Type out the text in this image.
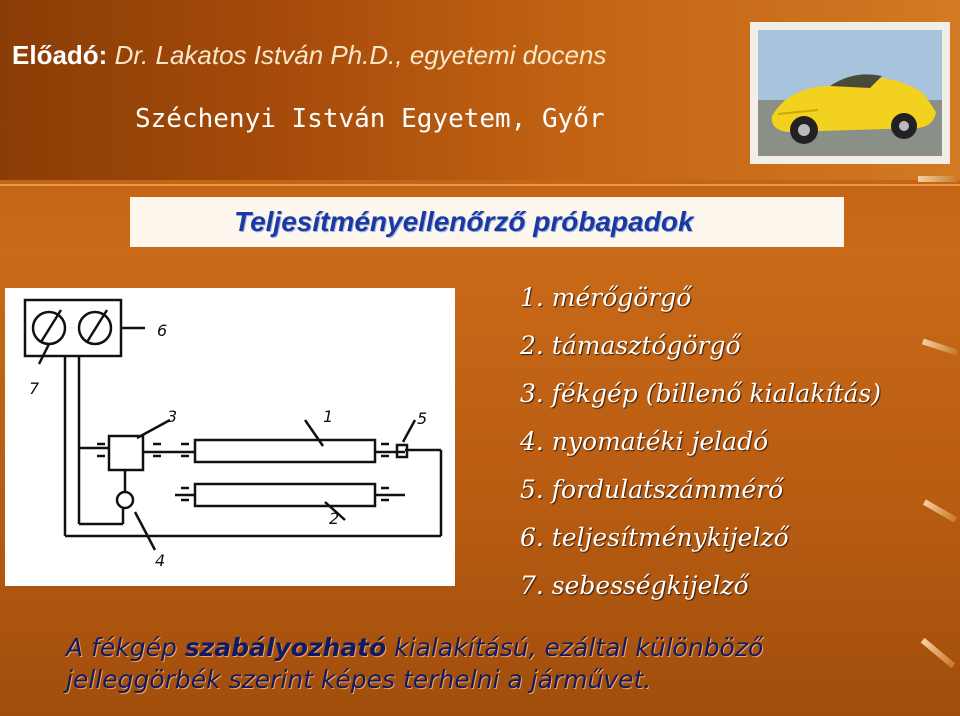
Előadó: Dr. Lakatos István Ph.D., egyetemi docens
Széchenyi István Egyetem, Győr
Teljesítményellenőrző próbapadok
6
7
3	1	5
2
4
1. mérőgörgő
2. támasztógörgő
3. fékgép (billenő kialakítás)
4. nyomatéki jeladó
5. fordulatszámmérő
6. teljesítménykijelző
7. sebességkijelző
A fékgép szabályozható kialakítású, ezáltal különböző
jelleggörbék szerint képes terhelni a járművet.
